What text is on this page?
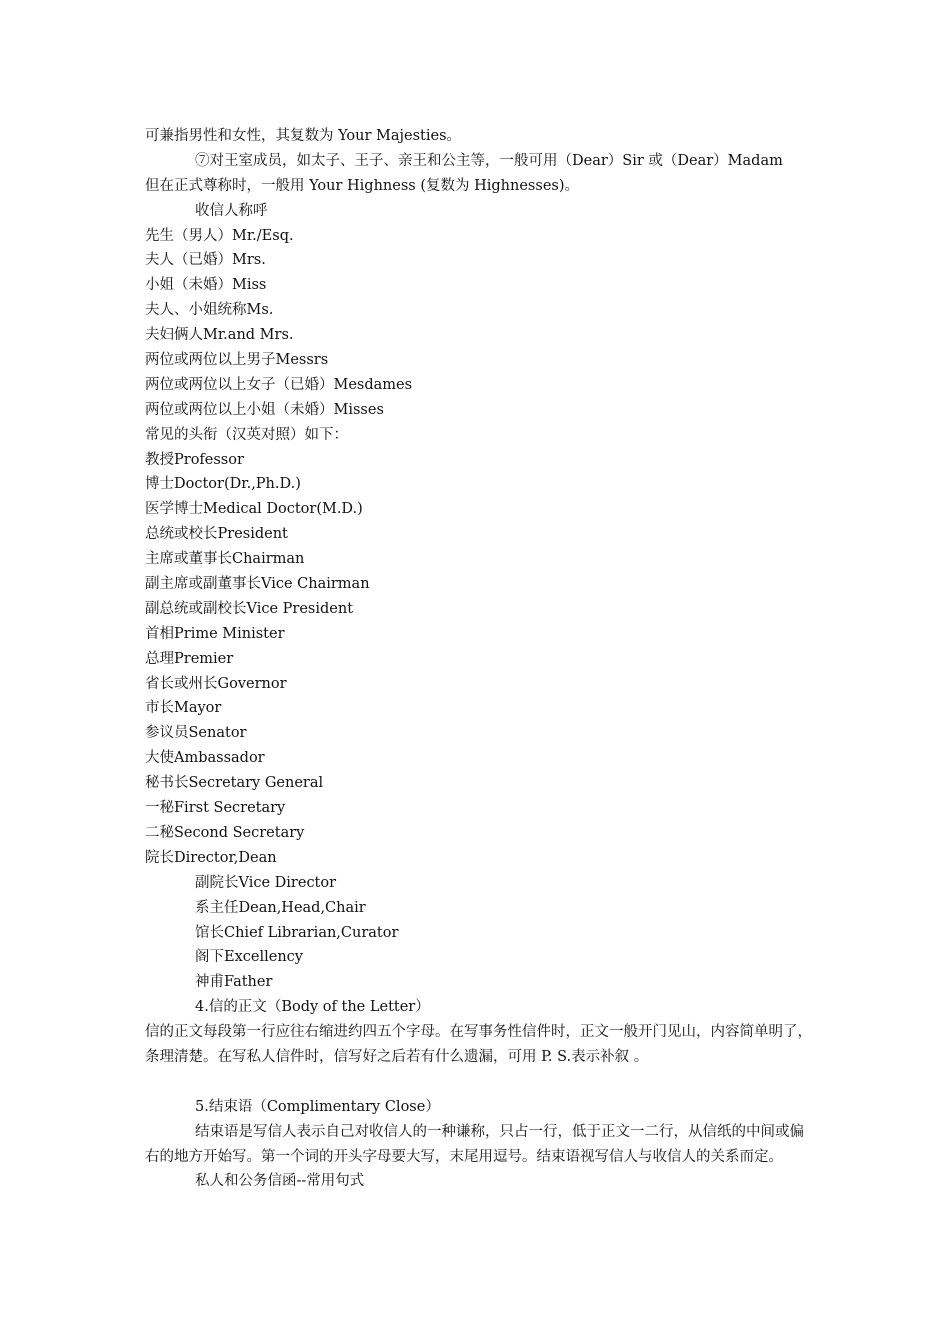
可兼指男性和女性，其复数为 Your Majesties。
⑦对王室成员，如太子、王子、亲王和公主等，一般可用（Dear）Sir 或（Dear）Madam
但在正式尊称时，一般用 Your Highness (复数为 Highnesses)。
收信人称呼
先生（男人）Mr./Esq.
夫人（已婚）Mrs.
小姐（未婚）Miss
夫人、小姐统称Ms.
夫妇俩人Mr.and Mrs.
两位或两位以上男子Messrs
两位或两位以上女子（已婚）Mesdames
两位或两位以上小姐（未婚）Misses
常见的头衔（汉英对照）如下：
教授Professor
博士Doctor(Dr.,Ph.D.)
医学博士Medical Doctor(M.D.)
总统或校长President
主席或董事长Chairman
副主席或副董事长Vice Chairman
副总统或副校长Vice President
首相Prime Minister
总理Premier
省长或州长Governor
市长Mayor
参议员Senator
大使Ambassador
秘书长Secretary General
一秘First Secretary
二秘Second Secretary
院长Director,Dean
副院长Vice Director
系主任Dean,Head,Chair
馆长Chief Librarian,Curator
阁下Excellency
神甫Father
4.信的正文（Body of the Letter）
信的正文每段第一行应往右缩进约四五个字母。在写事务性信件时，正文一般开门见山，内容简单明了，条理清楚。在写私人信件时，信写好之后若有什么遗漏，可用 P. S.表示补叙 。
5.结束语（Complimentary Close）
结束语是写信人表示自己对收信人的一种谦称，只占一行，低于正文一二行，从信纸的中间或偏右的地方开始写。第一个词的开头字母要大写，末尾用逗号。结束语视写信人与收信人的关系而定。
私人和公务信函--常用句式
